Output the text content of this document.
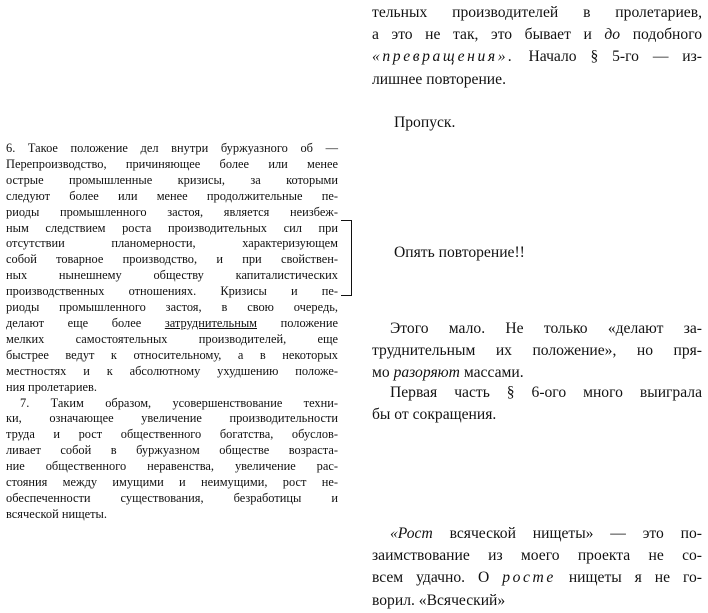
6. Такое положение дел внутри буржуазного об —
Перепроизводство, причиняющее более или менее
острые промышленные кризисы, за которыми
следуют более или менее продолжительные пе-
риоды промышленного застоя, является неизбеж-
ным следствием роста производительных сил при
отсутствии планомерности, характеризующем
собой товарное производство, и при свойствен-
ных нынешнему обществу капиталистических
производственных отношениях. Кризисы и пе-
риоды промышленного застоя, в свою очередь,
делают еще более затруднительным положение
мелких самостоятельных производителей, еще
быстрее ведут к относительному, а в некоторых
местностях и к абсолютному ухудшению положе-
ния пролетариев.

7. Таким образом, усовершенствование техни-

ки, означающее увеличение производительности
труда и рост общественного богатства, обуслов-
ливает собой в буржуазном обществе возраста-
ние общественного неравенства, увеличение рас-
стояния между имущими и неимущими, рост не-
обеспеченности существования, безработицы и
всяческой нищеты.

тельных производителей в пролетариев,
а это не так, это бывает и до подобного
«превращения». Начало § 5-го — из-
лишнее повторение.
Пропуск.
Опять повторение!!
Этого мало. Не только «делают за-
труднительным их положение», но пря-
мо разоряют массами.
Первая часть § 6-ого много выиграла
бы от сокращения.
«Рост всяческой нищеты» — это по-
заимствование из моего проекта не со-
всем удачно. О росте нищеты я не го-
ворил. «Всяческий»
